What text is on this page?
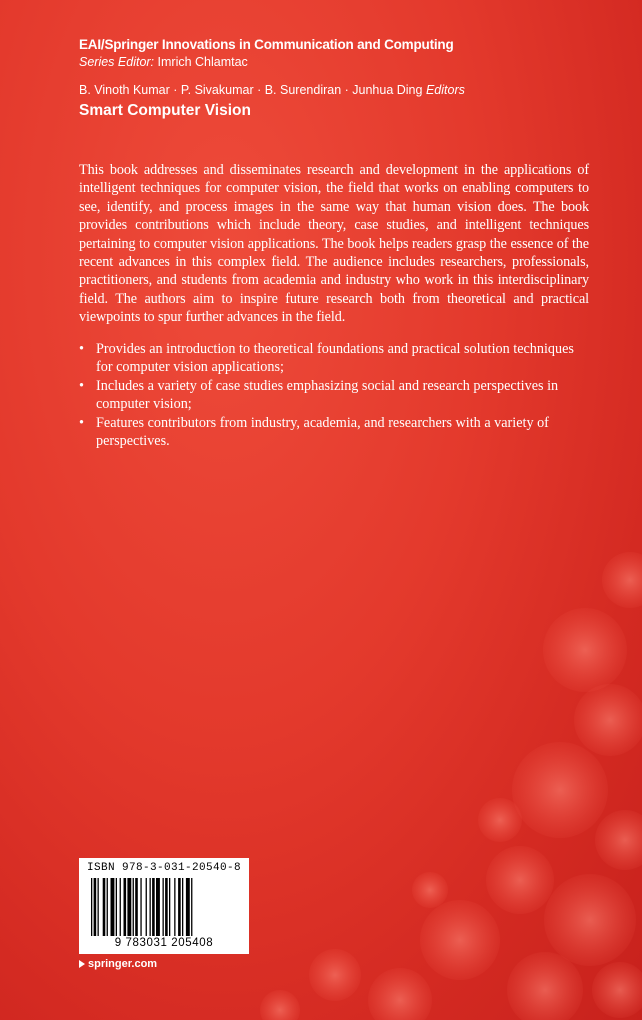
EAI/Springer Innovations in Communication and Computing

Series Editor: Imrich Chlamtac

B. Vinoth Kumar · P. Sivakumar · B. Surendiran · Junhua Ding Editors

Smart Computer Vision

This book addresses and disseminates research and development in the applications of intelligent techniques for computer vision, the field that works on enabling computers to see, identify, and process images in the same way that human vision does. The book provides contributions which include theory, case studies, and intelligent techniques pertaining to computer vision applications. The book helps readers grasp the essence of the recent advances in this complex field. The audience includes researchers, professionals, practitioners, and students from academia and industry who work in this interdisciplinary field. The authors aim to inspire future research both from theoretical and practical viewpoints to spur further advances in the field.

• Provides an introduction to theoretical foundations and practical solution techniques for computer vision applications;
• Includes a variety of case studies emphasizing social and research perspectives in computer vision;
• Features contributors from industry, academia, and researchers with a variety of perspectives.
ISBN 978-3-031-20540-8
9 783031 205408
springer.com
